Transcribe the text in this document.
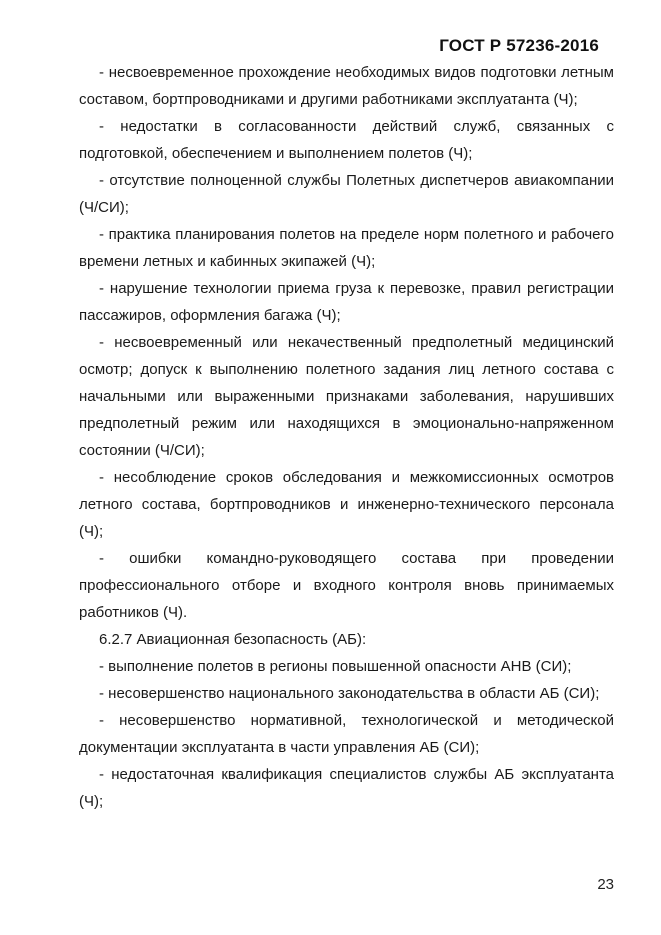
ГОСТ Р 57236-2016

- несвоевременное прохождение необходимых видов подготовки летным составом, бортпроводниками и другими работниками эксплуатанта (Ч);

- недостатки в согласованности действий служб, связанных с подготовкой, обеспечением и выполнением полетов (Ч);

- отсутствие полноценной службы Полетных диспетчеров авиакомпании (Ч/СИ);

- практика планирования полетов на пределе норм полетного и рабочего времени летных и кабинных экипажей (Ч);

- нарушение технологии приема груза к перевозке, правил регистрации пассажиров, оформления багажа (Ч);

- несвоевременный или некачественный предполетный медицинский осмотр; допуск к выполнению полетного задания лиц летного состава с начальными или выраженными признаками заболевания, нарушивших предполетный режим или находящихся в эмоционально-напряженном состоянии (Ч/СИ);

- несоблюдение сроков обследования и межкомиссионных осмотров летного состава, бортпроводников и инженерно-технического персонала (Ч);

- ошибки командно-руководящего состава при проведении профессионального отборе и входного контроля вновь принимаемых работников (Ч).

6.2.7 Авиационная безопасность (АБ):

- выполнение полетов в регионы повышенной опасности АНВ (СИ);

- несовершенство национального законодательства в области АБ (СИ);

- несовершенство нормативной, технологической и методической документации эксплуатанта в части управления АБ (СИ);

- недостаточная квалификация специалистов службы АБ эксплуатанта (Ч);

23
